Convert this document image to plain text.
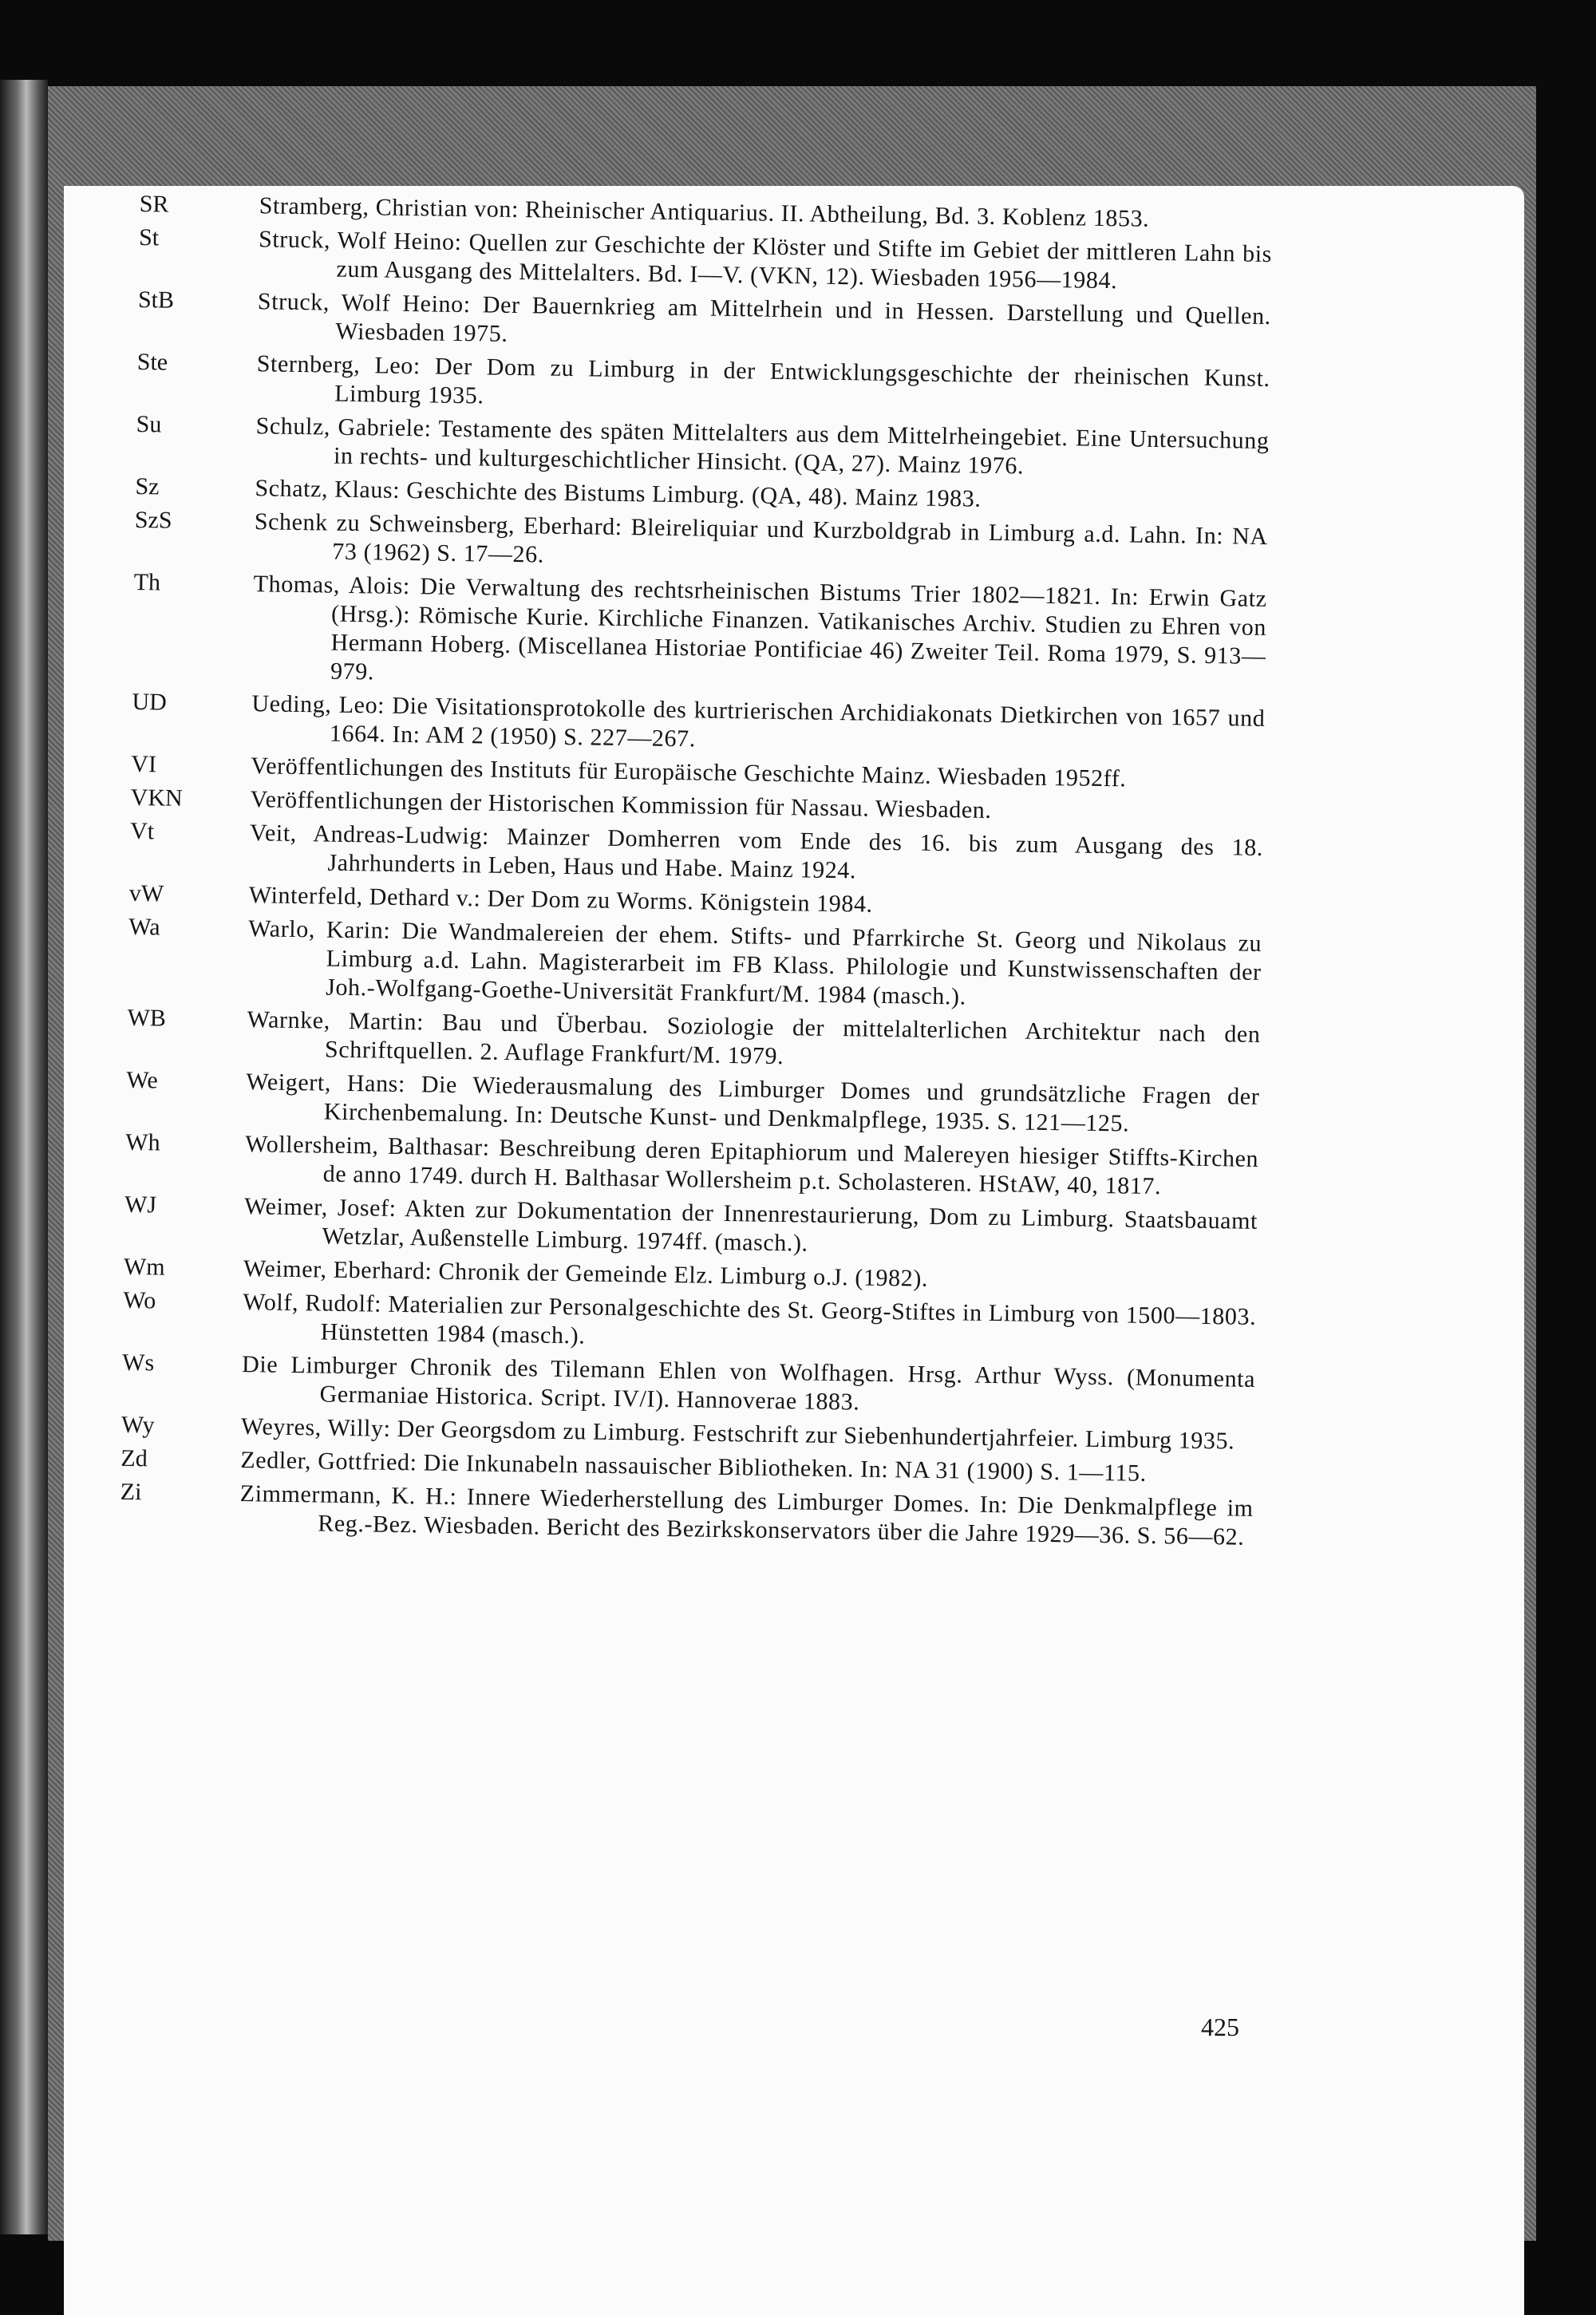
SR	Stramberg, Christian von: Rheinischer Antiquarius. II. Abtheilung, Bd. 3. Koblenz 1853.
St	Struck, Wolf Heino: Quellen zur Geschichte der Klöster und Stifte im Gebiet der mittleren Lahn bis zum Ausgang des Mittelalters. Bd. I—V. (VKN, 12). Wiesbaden 1956—1984.
StB	Struck, Wolf Heino: Der Bauernkrieg am Mittelrhein und in Hessen. Darstellung und Quellen. Wiesbaden 1975.
Ste	Sternberg, Leo: Der Dom zu Limburg in der Entwicklungsgeschichte der rheinischen Kunst. Limburg 1935.
Su	Schulz, Gabriele: Testamente des späten Mittelalters aus dem Mittelrheingebiet. Eine Untersuchung in rechts- und kulturgeschichtlicher Hinsicht. (QA, 27). Mainz 1976.
Sz	Schatz, Klaus: Geschichte des Bistums Limburg. (QA, 48). Mainz 1983.
SzS	Schenk zu Schweinsberg, Eberhard: Bleireliquiar und Kurzboldgrab in Limburg a.d. Lahn. In: NA 73 (1962) S. 17—26.
Th	Thomas, Alois: Die Verwaltung des rechtsrheinischen Bistums Trier 1802—1821. In: Erwin Gatz (Hrsg.): Römische Kurie. Kirchliche Finanzen. Vatikanisches Archiv. Studien zu Ehren von Hermann Hoberg. (Miscellanea Historiae Pontificiae 46) Zweiter Teil. Roma 1979, S. 913—979.
UD	Ueding, Leo: Die Visitationsprotokolle des kurtrierischen Archidiakonats Dietkirchen von 1657 und 1664. In: AM 2 (1950) S. 227—267.
VI	Veröffentlichungen des Instituts für Europäische Geschichte Mainz. Wiesbaden 1952ff.
VKN	Veröffentlichungen der Historischen Kommission für Nassau. Wiesbaden.
Vt	Veit, Andreas-Ludwig: Mainzer Domherren vom Ende des 16. bis zum Ausgang des 18. Jahrhunderts in Leben, Haus und Habe. Mainz 1924.
vW	Winterfeld, Dethard v.: Der Dom zu Worms. Königstein 1984.
Wa	Warlo, Karin: Die Wandmalereien der ehem. Stifts- und Pfarrkirche St. Georg und Nikolaus zu Limburg a.d. Lahn. Magisterarbeit im FB Klass. Philologie und Kunstwissenschaften der Joh.-Wolfgang-Goethe-Universität Frankfurt/M. 1984 (masch.).
WB	Warnke, Martin: Bau und Überbau. Soziologie der mittelalterlichen Architektur nach den Schriftquellen. 2. Auflage Frankfurt/M. 1979.
We	Weigert, Hans: Die Wiederausmalung des Limburger Domes und grundsätzliche Fragen der Kirchenbemalung. In: Deutsche Kunst- und Denkmalpflege, 1935. S. 121—125.
Wh	Wollersheim, Balthasar: Beschreibung deren Epitaphiorum und Malereyen hiesiger Stiffts-Kirchen de anno 1749. durch H. Balthasar Wollersheim p.t. Scholasteren. HStAW, 40, 1817.
WJ	Weimer, Josef: Akten zur Dokumentation der Innenrestaurierung, Dom zu Limburg. Staatsbauamt Wetzlar, Außenstelle Limburg. 1974ff. (masch.).
Wm	Weimer, Eberhard: Chronik der Gemeinde Elz. Limburg o.J. (1982).
Wo	Wolf, Rudolf: Materialien zur Personalgeschichte des St. Georg-Stiftes in Limburg von 1500—1803. Hünstetten 1984 (masch.).
Ws	Die Limburger Chronik des Tilemann Ehlen von Wolfhagen. Hrsg. Arthur Wyss. (Monumenta Germaniae Historica. Script. IV/I). Hannoverae 1883.
Wy	Weyres, Willy: Der Georgsdom zu Limburg. Festschrift zur Siebenhundertjahrfeier. Limburg 1935.
Zd	Zedler, Gottfried: Die Inkunabeln nassauischer Bibliotheken. In: NA 31 (1900) S. 1—115.
Zi	Zimmermann, K. H.: Innere Wiederherstellung des Limburger Domes. In: Die Denkmalpflege im Reg.-Bez. Wiesbaden. Bericht des Bezirkskonservators über die Jahre 1929—36. S. 56—62.
425
